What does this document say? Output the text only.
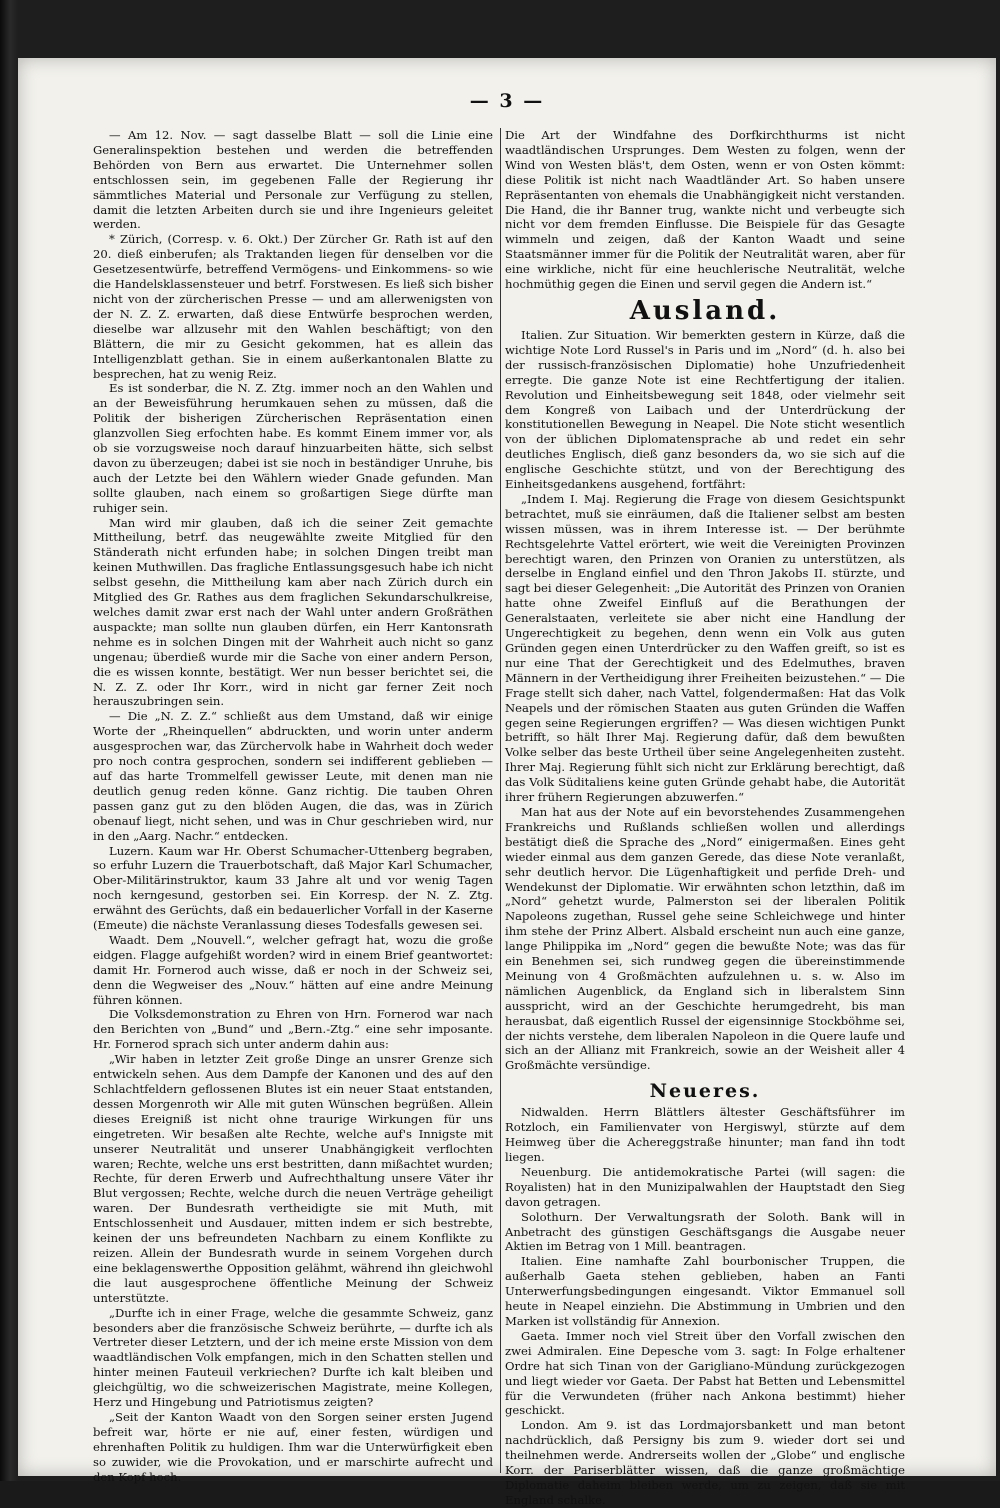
— 3 —

— Am 12. Nov. — sagt dasselbe Blatt — soll die Linie eine Generalinspektion bestehen und werden die betreffenden Behörden von Bern aus erwartet. Die Unternehmer sollen entschlossen sein, im gegebenen Falle der Regierung ihr sämmtliches Material und Personale zur Verfügung zu stellen, damit die letzten Arbeiten durch sie und ihre Ingenieurs geleitet werden.

* Zürich, (Corresp. v. 6. Okt.) Der Zürcher Gr. Rath ist auf den 20. dieß einberufen; als Traktanden liegen für denselben vor die Gesetzesentwürfe, betreffend Vermögens- und Einkommens- so wie die Handelsklassensteuer und betrf. Forstwesen. Es ließ sich bisher nicht von der zürcherischen Presse — und am allerwenigsten von der N. Z. Z. erwarten, daß diese Entwürfe besprochen werden, dieselbe war allzusehr mit den Wahlen beschäftigt; von den Blättern, die mir zu Gesicht gekommen, hat es allein das Intelligenzblatt gethan. Sie in einem außerkantonalen Blatte zu besprechen, hat zu wenig Reiz.

Es ist sonderbar, die N. Z. Ztg. immer noch an den Wahlen und an der Beweisführung herumkauen sehen zu müssen, daß die Politik der bisherigen Zürcherischen Repräsentation einen glanzvollen Sieg erfochten habe. Es kommt Einem immer vor, als ob sie vorzugsweise noch darauf hinzuarbeiten hätte, sich selbst davon zu überzeugen; dabei ist sie noch in beständiger Unruhe, bis auch der Letzte bei den Wählern wieder Gnade gefunden. Man sollte glauben, nach einem so großartigen Siege dürfte man ruhiger sein.

Man wird mir glauben, daß ich die seiner Zeit gemachte Mittheilung, betrf. das neugewählte zweite Mitglied für den Ständerath nicht erfunden habe; in solchen Dingen treibt man keinen Muthwillen. Das fragliche Entlassungsgesuch habe ich nicht selbst gesehn, die Mittheilung kam aber nach Zürich durch ein Mitglied des Gr. Rathes aus dem fraglichen Sekundarschulkreise, welches damit zwar erst nach der Wahl unter andern Großräthen auspackte; man sollte nun glauben dürfen, ein Herr Kantonsrath nehme es in solchen Dingen mit der Wahrheit auch nicht so ganz ungenau; überdieß wurde mir die Sache von einer andern Person, die es wissen konnte, bestätigt. Wer nun besser berichtet sei, die N. Z. Z. oder Ihr Korr., wird in nicht gar ferner Zeit noch herauszubringen sein.

— Die „N. Z. Z.“ schließt aus dem Umstand, daß wir einige Worte der „Rheinquellen“ abdruckten, und worin unter anderm ausgesprochen war, das Zürchervolk habe in Wahrheit doch weder pro noch contra gesprochen, sondern sei indifferent geblieben — auf das harte Trommelfell gewisser Leute, mit denen man nie deutlich genug reden könne. Ganz richtig. Die tauben Ohren passen ganz gut zu den blöden Augen, die das, was in Zürich obenauf liegt, nicht sehen, und was in Chur geschrieben wird, nur in den „Aarg. Nachr.“ entdecken.

Luzern. Kaum war Hr. Oberst Schumacher-Uttenberg begraben, so erfuhr Luzern die Trauerbotschaft, daß Major Karl Schumacher, Ober-Militärinstruktor, kaum 33 Jahre alt und vor wenig Tagen noch kerngesund, gestorben sei. Ein Korresp. der N. Z. Ztg. erwähnt des Gerüchts, daß ein bedauerlicher Vorfall in der Kaserne (Emeute) die nächste Veranlassung dieses Todesfalls gewesen sei.

Waadt. Dem „Nouvell.“, welcher gefragt hat, wozu die große eidgen. Flagge aufgehißt worden? wird in einem Brief geantwortet: damit Hr. Fornerod auch wisse, daß er noch in der Schweiz sei, denn die Wegweiser des „Nouv.“ hätten auf eine andre Meinung führen können.

Die Volksdemonstration zu Ehren von Hrn. Fornerod war nach den Berichten von „Bund“ und „Bern.-Ztg.“ eine sehr imposante. Hr. Fornerod sprach sich unter anderm dahin aus:

„Wir haben in letzter Zeit große Dinge an unsrer Grenze sich entwickeln sehen. Aus dem Dampfe der Kanonen und des auf den Schlachtfeldern geflossenen Blutes ist ein neuer Staat entstanden, dessen Morgenroth wir Alle mit guten Wünschen begrüßen. Allein dieses Ereigniß ist nicht ohne traurige Wirkungen für uns eingetreten. Wir besaßen alte Rechte, welche auf's Innigste mit unserer Neutralität und unserer Unabhängigkeit verflochten waren; Rechte, welche uns erst bestritten, dann mißachtet wurden; Rechte, für deren Erwerb und Aufrechthaltung unsere Väter ihr Blut vergossen; Rechte, welche durch die neuen Verträge geheiligt waren. Der Bundesrath vertheidigte sie mit Muth, mit Entschlossenheit und Ausdauer, mitten indem er sich bestrebte, keinen der uns befreundeten Nachbarn zu einem Konflikte zu reizen. Allein der Bundesrath wurde in seinem Vorgehen durch eine beklagenswerthe Opposition gelähmt, während ihn gleichwohl die laut ausgesprochene öffentliche Meinung der Schweiz unterstützte.

„Durfte ich in einer Frage, welche die gesammte Schweiz, ganz besonders aber die französische Schweiz berührte, — durfte ich als Vertreter dieser Letztern, und der ich meine erste Mission von dem waadtländischen Volk empfangen, mich in den Schatten stellen und hinter meinen Fauteuil verkriechen? Durfte ich kalt bleiben und gleichgültig, wo die schweizerischen Magistrate, meine Kollegen, Herz und Hingebung und Patriotismus zeigten?

„Seit der Kanton Waadt von den Sorgen seiner ersten Jugend befreit war, hörte er nie auf, einer festen, würdigen und ehrenhaften Politik zu huldigen. Ihm war die Unterwürfigkeit eben so zuwider, wie die Provokation, und er marschirte aufrecht und den Kopf hoch.

Die Art der Windfahne des Dorfkirchthurms ist nicht waadtländischen Ursprunges. Dem Westen zu folgen, wenn der Wind von Westen bläs't, dem Osten, wenn er von Osten kömmt: diese Politik ist nicht nach Waadtländer Art. So haben unsere Repräsentanten von ehemals die Unabhängigkeit nicht verstanden. Die Hand, die ihr Banner trug, wankte nicht und verbeugte sich nicht vor dem fremden Einflusse. Die Beispiele für das Gesagte wimmeln und zeigen, daß der Kanton Waadt und seine Staatsmänner immer für die Politik der Neutralität waren, aber für eine wirkliche, nicht für eine heuchlerische Neutralität, welche hochmüthig gegen die Einen und servil gegen die Andern ist.“

Ausland.

Italien. Zur Situation. Wir bemerkten gestern in Kürze, daß die wichtige Note Lord Russel's in Paris und im „Nord“ (d. h. also bei der russisch-französischen Diplomatie) hohe Unzufriedenheit erregte. Die ganze Note ist eine Rechtfertigung der italien. Revolution und Einheitsbewegung seit 1848, oder vielmehr seit dem Kongreß von Laibach und der Unterdrückung der konstitutionellen Bewegung in Neapel. Die Note sticht wesentlich von der üblichen Diplomatensprache ab und redet ein sehr deutliches Englisch, dieß ganz besonders da, wo sie sich auf die englische Geschichte stützt, und von der Berechtigung des Einheitsgedankens ausgehend, fortfährt:

„Indem I. Maj. Regierung die Frage von diesem Gesichtspunkt betrachtet, muß sie einräumen, daß die Italiener selbst am besten wissen müssen, was in ihrem Interesse ist. — Der berühmte Rechtsgelehrte Vattel erörtert, wie weit die Vereinigten Provinzen berechtigt waren, den Prinzen von Oranien zu unterstützen, als derselbe in England einfiel und den Thron Jakobs II. stürzte, und sagt bei dieser Gelegenheit: „Die Autorität des Prinzen von Oranien hatte ohne Zweifel Einfluß auf die Berathungen der Generalstaaten, verleitete sie aber nicht eine Handlung der Ungerechtigkeit zu begehen, denn wenn ein Volk aus guten Gründen gegen einen Unterdrücker zu den Waffen greift, so ist es nur eine That der Gerechtigkeit und des Edelmuthes, braven Männern in der Vertheidigung ihrer Freiheiten beizustehen.“ — Die Frage stellt sich daher, nach Vattel, folgendermaßen: Hat das Volk Neapels und der römischen Staaten aus guten Gründen die Waffen gegen seine Regierungen ergriffen? — Was diesen wichtigen Punkt betrifft, so hält Ihrer Maj. Regierung dafür, daß dem bewußten Volke selber das beste Urtheil über seine Angelegenheiten zusteht. Ihrer Maj. Regierung fühlt sich nicht zur Erklärung berechtigt, daß das Volk Süditaliens keine guten Gründe gehabt habe, die Autorität ihrer frühern Regierungen abzuwerfen.“

Man hat aus der Note auf ein bevorstehendes Zusammengehen Frankreichs und Rußlands schließen wollen und allerdings bestätigt dieß die Sprache des „Nord“ einigermaßen. Eines geht wieder einmal aus dem ganzen Gerede, das diese Note veranlaßt, sehr deutlich hervor. Die Lügenhaftigkeit und perfide Dreh- und Wendekunst der Diplomatie. Wir erwähnten schon letzthin, daß im „Nord“ gehetzt wurde, Palmerston sei der liberalen Politik Napoleons zugethan, Russel gehe seine Schleichwege und hinter ihm stehe der Prinz Albert. Alsbald erscheint nun auch eine ganze, lange Philippika im „Nord“ gegen die bewußte Note; was das für ein Benehmen sei, sich rundweg gegen die übereinstimmende Meinung von 4 Großmächten aufzulehnen u. s. w. Also im nämlichen Augenblick, da England sich in liberalstem Sinn ausspricht, wird an der Geschichte herumgedreht, bis man herausbat, daß eigentlich Russel der eigensinnige Stockböhme sei, der nichts verstehe, dem liberalen Napoleon in die Quere laufe und sich an der Allianz mit Frankreich, sowie an der Weisheit aller 4 Großmächte versündige.

Neueres.

Nidwalden. Herrn Blättlers ältester Geschäftsführer im Rotzloch, ein Familienvater von Hergiswyl, stürzte auf dem Heimweg über die Achereggstraße hinunter; man fand ihn todt liegen.

Neuenburg. Die antidemokratische Partei (will sagen: die Royalisten) hat in den Munizipalwahlen der Hauptstadt den Sieg davon getragen.

Solothurn. Der Verwaltungsrath der Soloth. Bank will in Anbetracht des günstigen Geschäftsgangs die Ausgabe neuer Aktien im Betrag von 1 Mill. beantragen.

Italien. Eine namhafte Zahl bourbonischer Truppen, die außerhalb Gaeta stehen geblieben, haben an Fanti Unterwerfungsbedingungen eingesandt. Viktor Emmanuel soll heute in Neapel einziehn. Die Abstimmung in Umbrien und den Marken ist vollständig für Annexion.

Gaeta. Immer noch viel Streit über den Vorfall zwischen den zwei Admiralen. Eine Depesche vom 3. sagt: In Folge erhaltener Ordre hat sich Tinan von der Garigliano-Mündung zurückgezogen und liegt wieder vor Gaeta. Der Pabst hat Betten und Lebensmittel für die Verwundeten (früher nach Ankona bestimmt) hieher geschickt.

London. Am 9. ist das Lordmajorsbankett und man betont nachdrücklich, daß Persigny bis zum 9. wieder dort sei und theilnehmen werde. Andrerseits wollen der „Globe“ und englische Korr. der Pariserblätter wissen, daß die ganze großmächtige Diplomatie daheim bleiben werde, um zu zeigen, daß sie mit England schalke.
